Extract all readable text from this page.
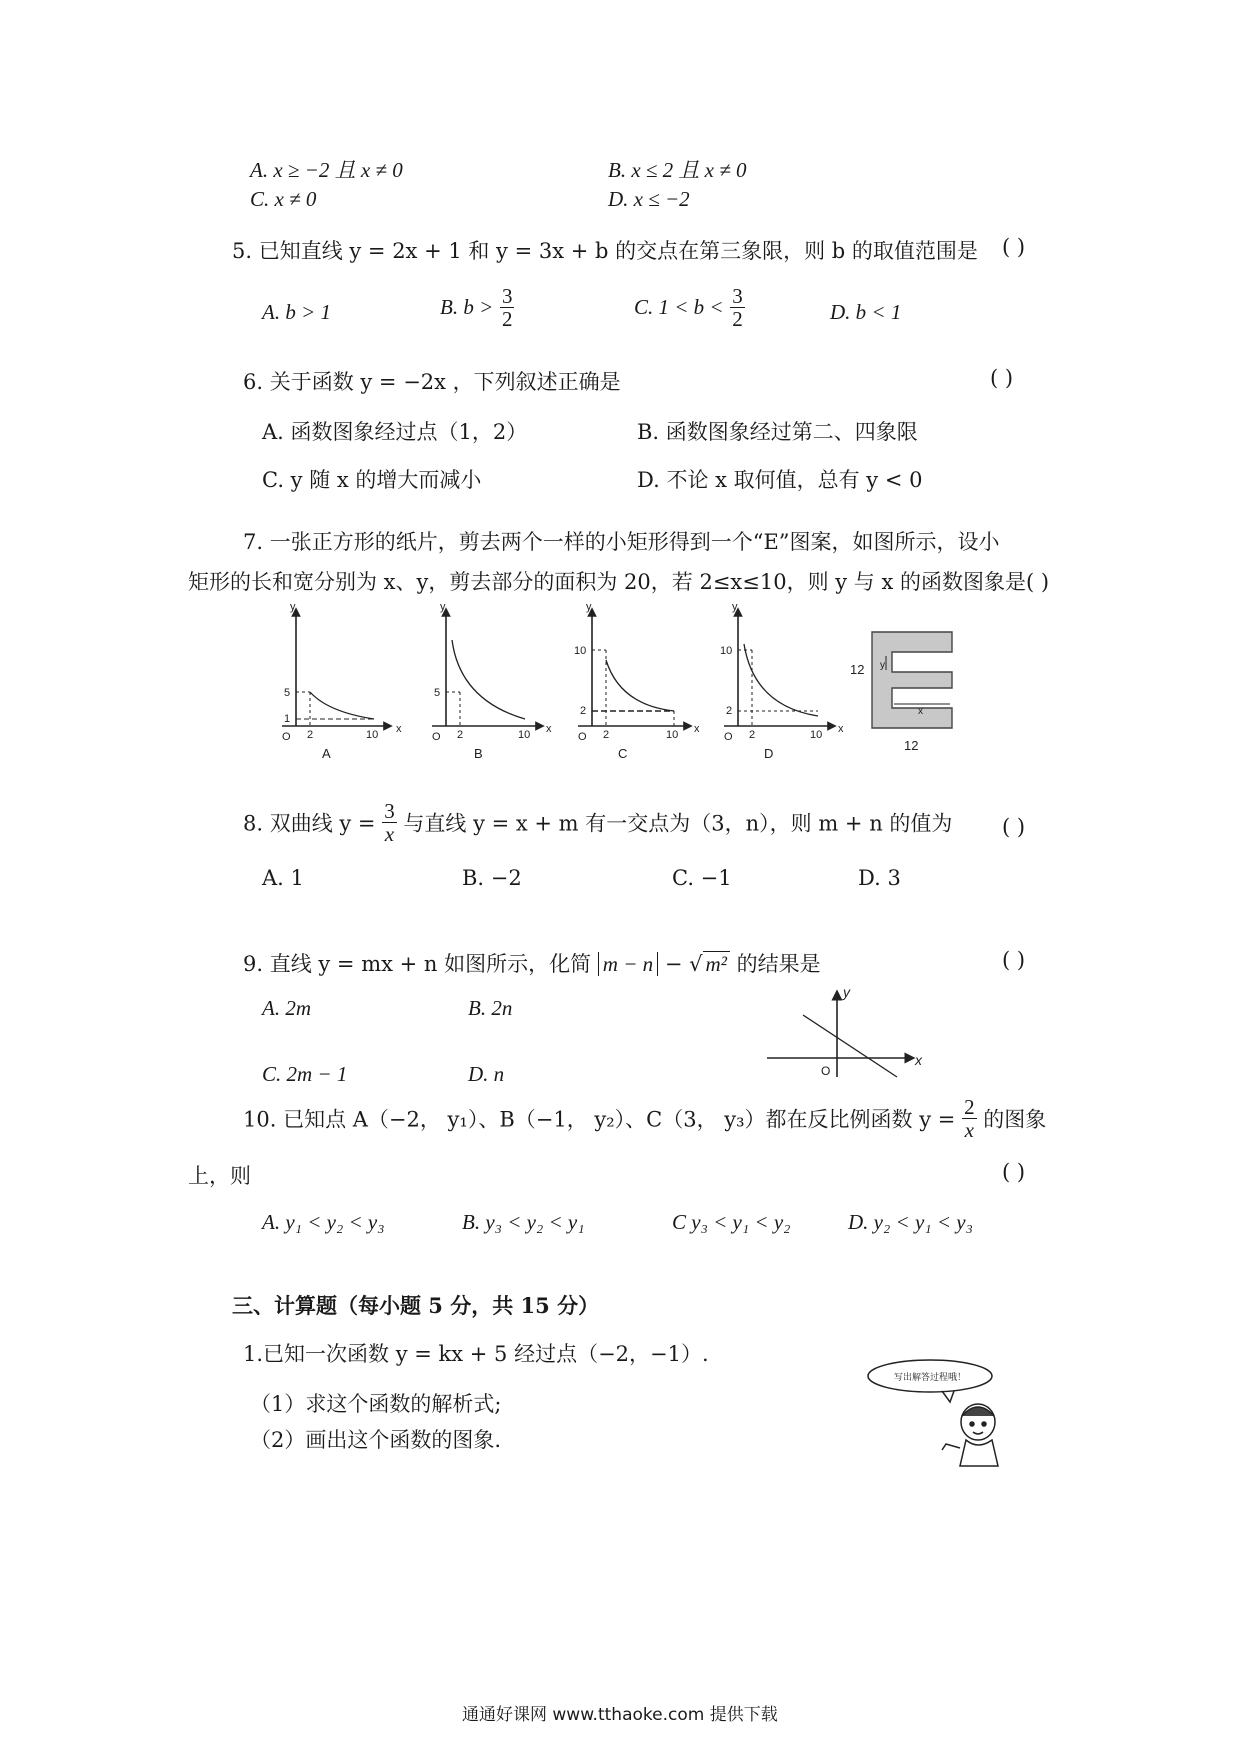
A. x ≥ −2 且 x ≠ 0	B. x ≤ 2 且 x ≠ 0
C. x ≠ 0	D. x ≤ −2
5. 已知直线 y = 2x + 1 和 y = 3x + b 的交点在第三象限，则 b 的取值范围是 ( )
A. b > 1	B. $b > \frac{3}{2}$	C. $1 < b < \frac{3}{2}$	D. b < 1
6. 关于函数 y = −2x ，下列叙述正确是	( )
A. 函数图象经过点（1，2）	B. 函数图象经过第二、四象限
C. y 随 x 的增大而减小	D. 不论 x 取何值，总有 y < 0
7. 一张正方形的纸片，剪去两个一样的小矩形得到一个“E”图案，如图所示，设小
矩形的长和宽分别为 x、y，剪去部分的面积为 20，若 2≤x≤10，则 y 与 x 的函数图象是( )
y
x
O
5
1
2	10
A
y
x
O
5
2	10
B
y
x
O
10
2
2	10
C
y
x
O
10
2
2	10
D
12 y
x
12
8. 双曲线 $y = \frac{3}{x}$ 与直线 y = x + m 有一交点为（3，n），则 m + n 的值为 ( )
A. 1	B. −2	C. −1	D. 3
9. 直线 y = mx + n 如图所示，化简 m − n − √ m² 的结果是	( )
A. 2m	B. 2n
C. 2m − 1	D. n
y
x
O
10. 已知点 A（−2， y₁）、B（−1， y₂）、C（3， y₃）都在反比例函数 $y = \frac{2}{x}$ 的图象
上，则	( )
A. y₁ < y₂ < y₃	B. y₃ < y₂ < y₁	C y₃ < y₁ < y₂	D. y₂ < y₁ < y₃
三、计算题（每小题 5 分，共 15 分）
1.已知一次函数 y = kx + 5 经过点（−2，−1）.
（1）求这个函数的解析式;
（2）画出这个函数的图象.
写出解答过程哦！
通通好课网 www.tthaoke.com 提供下载
